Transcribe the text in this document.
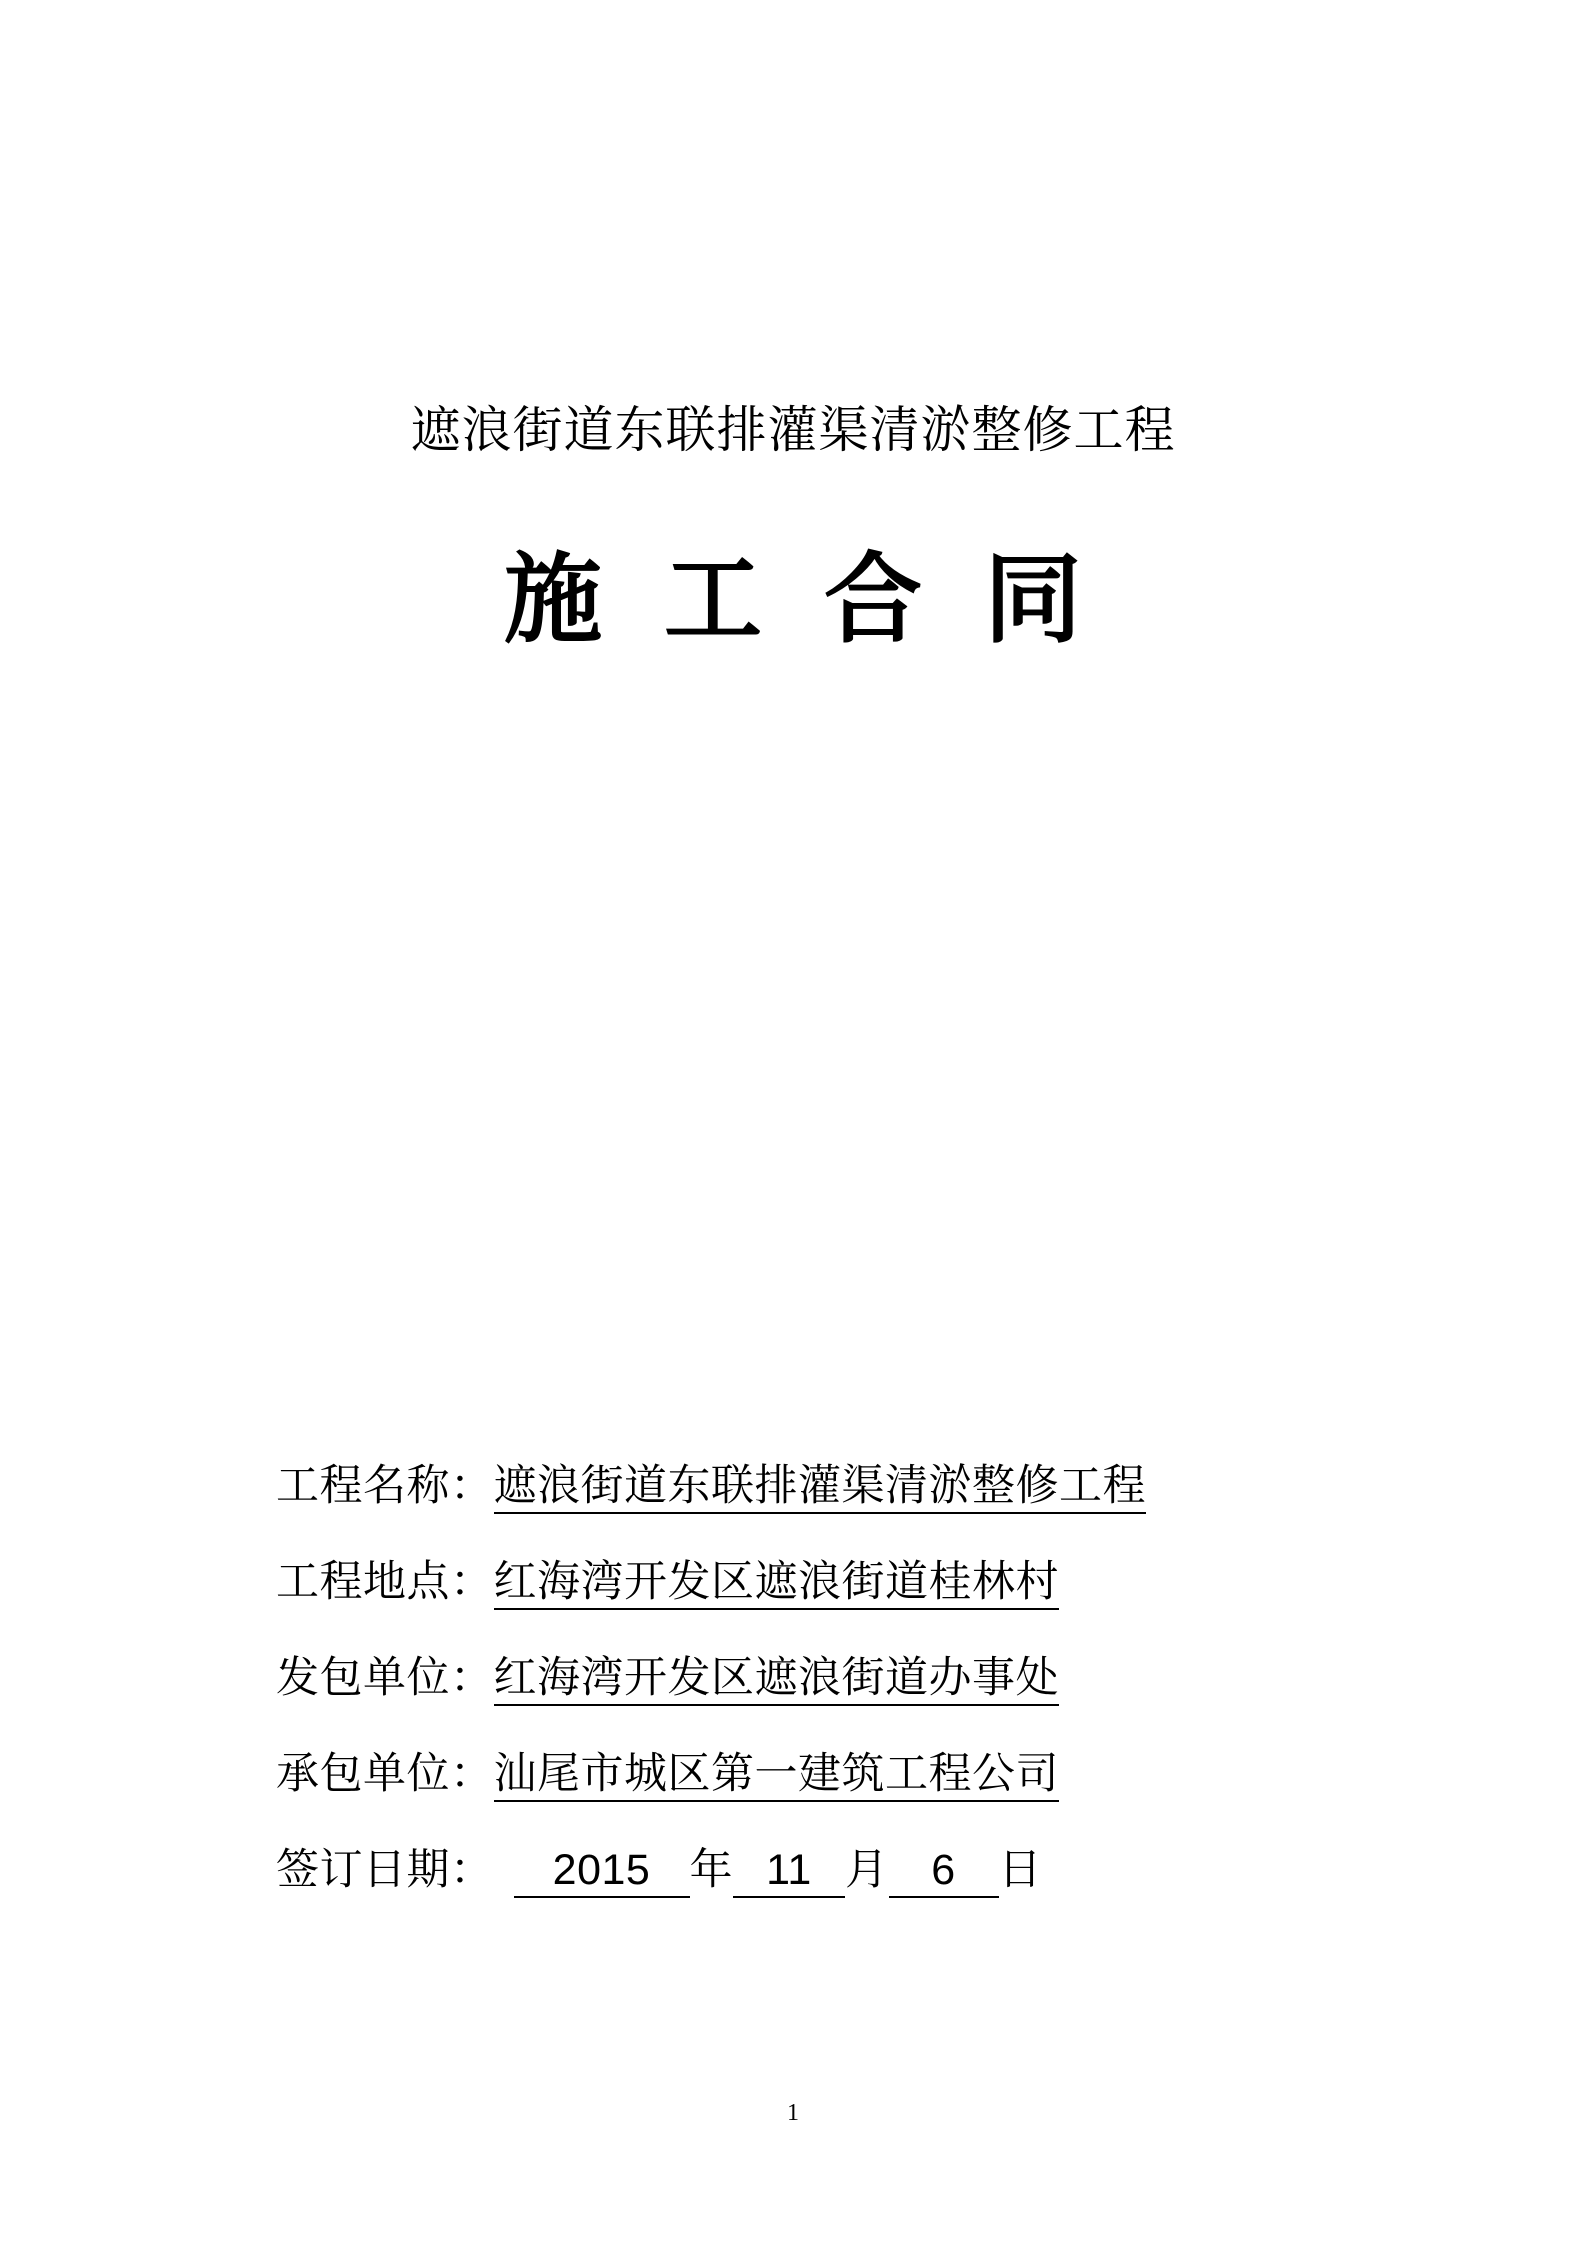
遮浪街道东联排灌渠清淤整修工程
施工合同
工程名称：遮浪街道东联排灌渠清淤整修工程
工程地点：红海湾开发区遮浪街道桂林村
发包单位：红海湾开发区遮浪街道办事处
承包单位：汕尾市城区第一建筑工程公司
签订日期： 2015 年 11 月 6 日
1
